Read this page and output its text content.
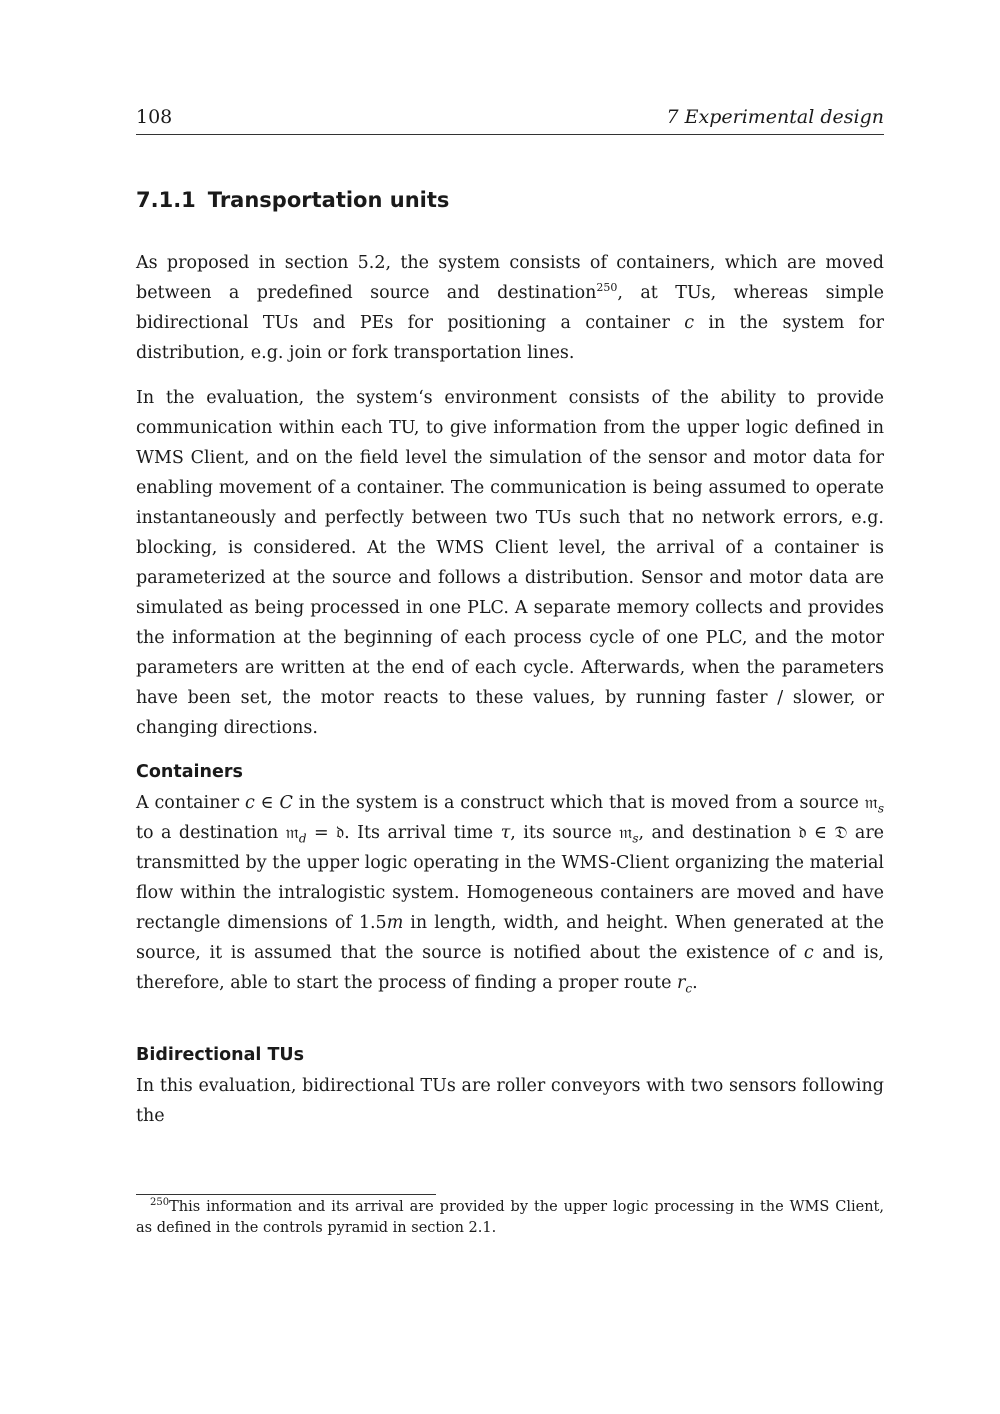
108	7 Experimental design
7.1.1 Transportation units

As proposed in section 5.2, the system consists of containers, which are moved between a predefined source and destination$^{250}$, at TUs, whereas simple bidirectional TUs and PEs for positioning a container c in the system for distribution, e.g. join or fork transportation lines.

In the evaluation, the system‘s environment consists of the ability to provide communication within each TU, to give information from the upper logic defined in WMS Client, and on the field level the simulation of the sensor and motor data for enabling movement of a container. The communication is being assumed to operate instantaneously and perfectly between two TUs such that no network errors, e.g. blocking, is considered. At the WMS Client level, the arrival of a container is parameterized at the source and follows a distribution. Sensor and motor data are simulated as being processed in one PLC. A separate memory collects and provides the information at the beginning of each process cycle of one PLC, and the motor parameters are written at the end of each cycle. Afterwards, when the parameters have been set, the motor reacts to these values, by running faster / slower, or changing directions.

Containers

A container c ∈ C in the system is a construct which that is moved from a source 𝔪$_s$ to a destination 𝔪$_d$ = 𝔡. Its arrival time τ, its source 𝔪$_s$, and destination 𝔡 ∈ 𝔇 are transmitted by the upper logic operating in the WMS-Client organizing the material flow within the intralogistic system. Homogeneous containers are moved and have rectangle dimensions of 1.5m in length, width, and height. When generated at the source, it is assumed that the source is notified about the existence of c and is, therefore, able to start the process of finding a proper route $r_c$.

Bidirectional TUs

In this evaluation, bidirectional TUs are roller conveyors with two sensors following the

$^{250}$This information and its arrival are provided by the upper logic processing in the WMS Client, as defined in the controls pyramid in section 2.1.
